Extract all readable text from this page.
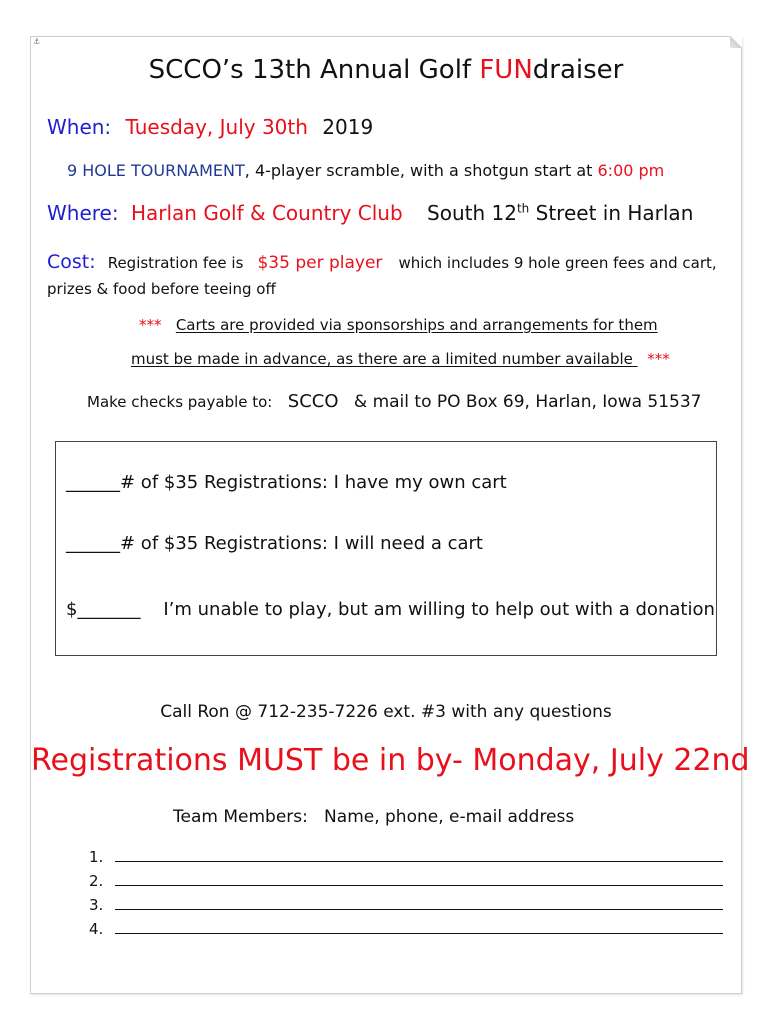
⚓
SCCO’s 13th Annual Golf FUNdraiser
When: Tuesday, July 30th 2019
9 HOLE TOURNAMENT, 4-player scramble, with a shotgun start at 6:00 pm
Where: Harlan Golf & Country Club South 12th Street in Harlan
Cost: Registration fee is $35 per player which includes 9 hole green fees and cart,
prizes & food before teeing off
*** Carts are provided via sponsorships and arrangements for them
must be made in advance, as there are a limited number available   ***
Make checks payable to: SCCO & mail to PO Box 69, Harlan, Iowa 51537
______# of $35 Registrations: I have my own cart
______# of $35 Registrations: I will need a cart
$_______    I’m unable to play, but am willing to help out with a donation
Call Ron @ 712-235-7226 ext. #3 with any questions
Registrations MUST be in by- Monday, July 22nd
Team Members:   Name, phone, e-mail address
1.
2.
3.
4.
